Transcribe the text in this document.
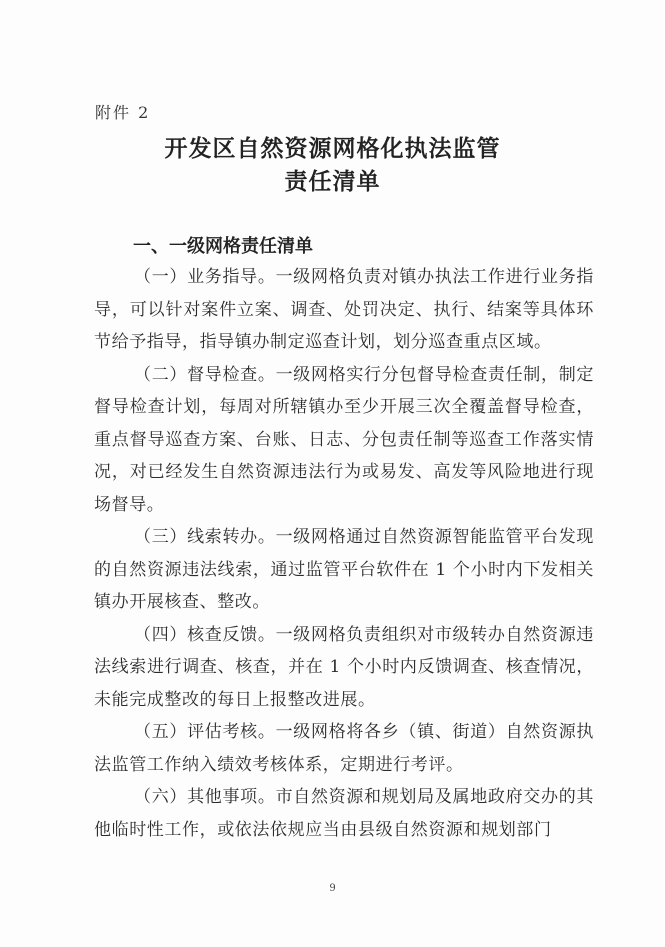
附件 2
开发区自然资源网格化执法监管
责任清单
一、一级网格责任清单

（一）业务指导。一级网格负责对镇办执法工作进行业务指导，可以针对案件立案、调查、处罚决定、执行、结案等具体环节给予指导，指导镇办制定巡查计划，划分巡查重点区域。

（二）督导检查。一级网格实行分包督导检查责任制，制定督导检查计划，每周对所辖镇办至少开展三次全覆盖督导检查，重点督导巡查方案、台账、日志、分包责任制等巡查工作落实情况，对已经发生自然资源违法行为或易发、高发等风险地进行现场督导。

（三）线索转办。一级网格通过自然资源智能监管平台发现的自然资源违法线索，通过监管平台软件在 1 个小时内下发相关镇办开展核查、整改。

（四）核查反馈。一级网格负责组织对市级转办自然资源违法线索进行调查、核查，并在 1 个小时内反馈调查、核查情况，未能完成整改的每日上报整改进展。

（五）评估考核。一级网格将各乡（镇、街道）自然资源执法监管工作纳入绩效考核体系，定期进行考评。

（六）其他事项。市自然资源和规划局及属地政府交办的其他临时性工作，或依法依规应当由县级自然资源和规划部门

9
